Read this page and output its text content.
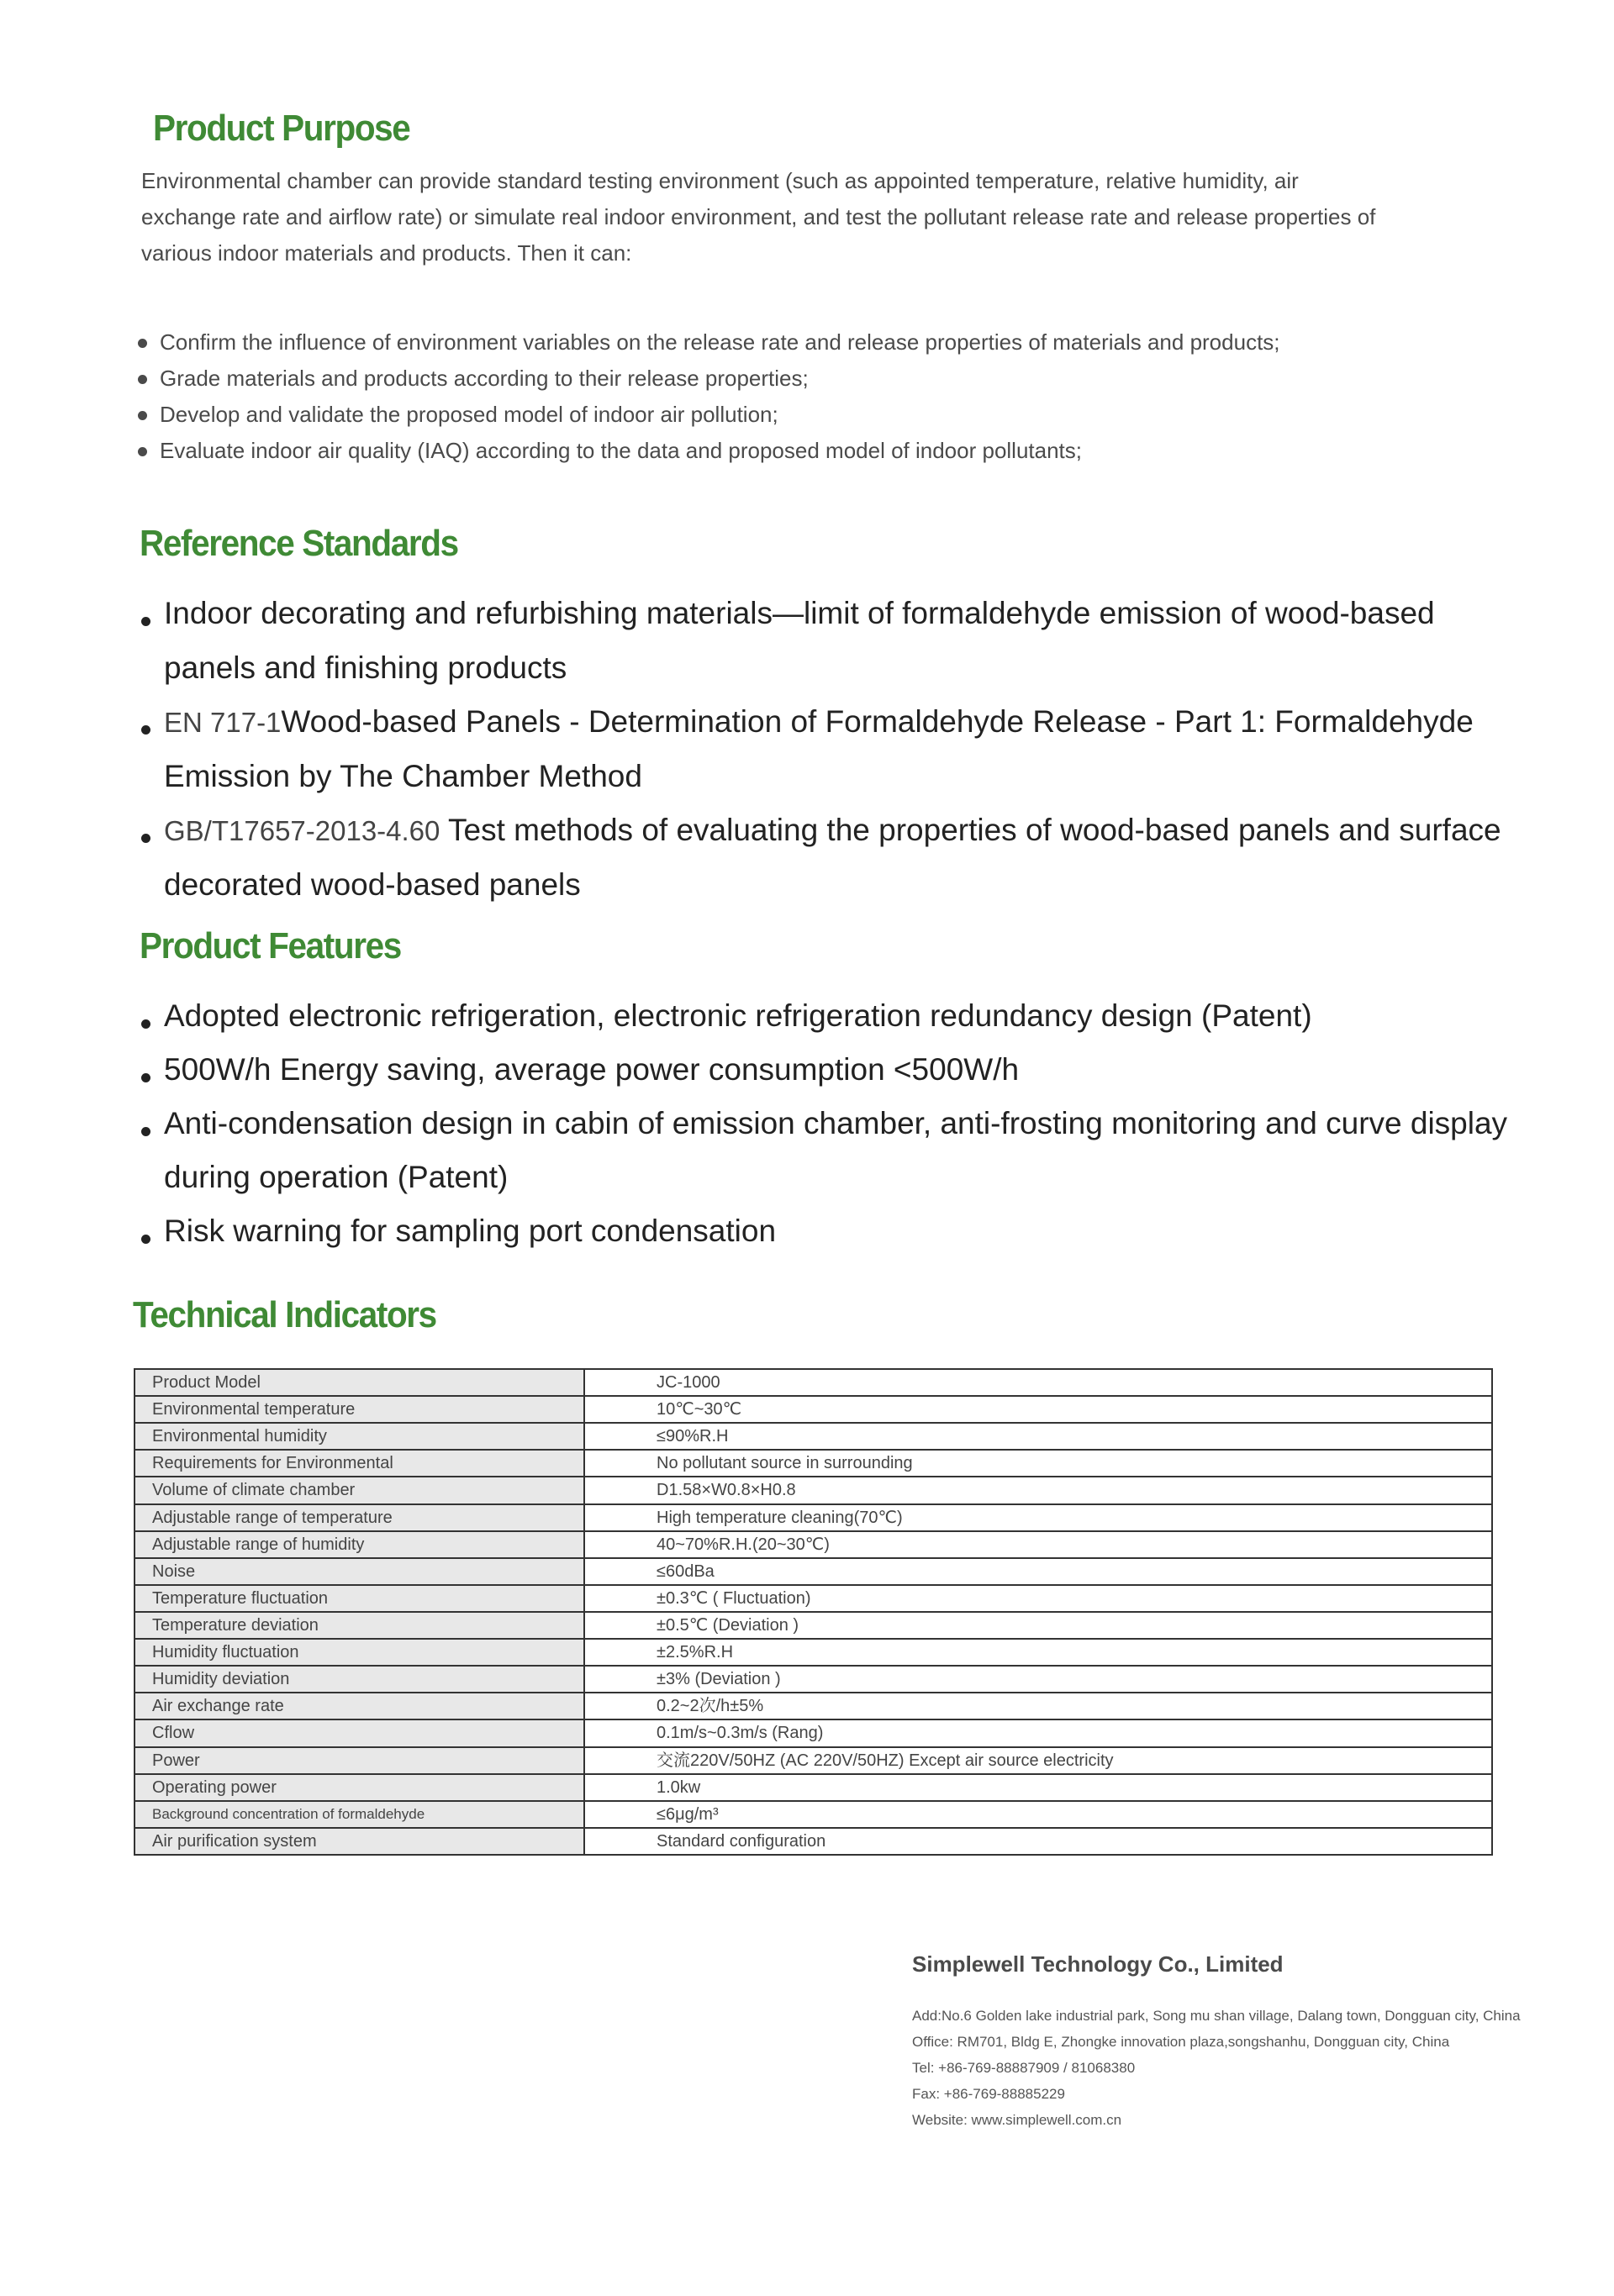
Product Purpose

Environmental chamber can provide standard testing environment (such as appointed temperature, relative humidity, air exchange rate and airflow rate) or simulate real indoor environment, and test the pollutant release rate and release properties of various indoor materials and products. Then it can:

Confirm the influence of environment variables on the release rate and release properties of materials and products;
Grade materials and products according to their release properties;
Develop and validate the proposed model of indoor air pollution;
Evaluate indoor air quality (IAQ) according to the data and proposed model of indoor pollutants;
Reference Standards
Indoor decorating and refurbishing materials—limit of formaldehyde emission of wood-based panels and finishing products
EN 717-1Wood-based Panels - Determination of Formaldehyde Release - Part 1: Formaldehyde Emission by The Chamber Method
GB/T17657-2013-4.60 Test methods of evaluating the properties of wood-based panels and surface decorated wood-based panels
Product Features
Adopted electronic refrigeration, electronic refrigeration redundancy design (Patent)
500W/h Energy saving, average power consumption <500W/h
Anti-condensation design in cabin of emission chamber, anti-frosting monitoring and curve display during operation (Patent)
Risk warning for sampling port condensation
Technical Indicators
Product Model	JC-1000
Environmental temperature	10℃~30℃
Environmental humidity	≤90%R.H
Requirements for Environmental	No pollutant source in surrounding
Volume of climate chamber	D1.58×W0.8×H0.8
Adjustable range of temperature	High temperature cleaning(70℃)
Adjustable range of humidity	40~70%R.H.(20~30℃)
Noise	≤60dBa
Temperature fluctuation	±0.3℃ ( Fluctuation)
Temperature deviation	±0.5℃ (Deviation )
Humidity fluctuation	±2.5%R.H
Humidity deviation	±3% (Deviation )
Air exchange rate	0.2~2次/h±5%
Cflow	0.1m/s~0.3m/s (Rang)
Power	交流220V/50HZ (AC 220V/50HZ) Except air source electricity
Operating power	1.0kw
Background concentration of formaldehyde	≤6μg/m³
Air purification system	Standard configuration
Simplewell Technology Co., Limited
Add:No.6 Golden lake industrial park, Song mu shan village, Dalang town, Dongguan city, China
Office: RM701, Bldg E, Zhongke innovation plaza,songshanhu, Dongguan city, China
Tel: +86-769-88887909 / 81068380
Fax: +86-769-88885229
Website: www.simplewell.com.cn
